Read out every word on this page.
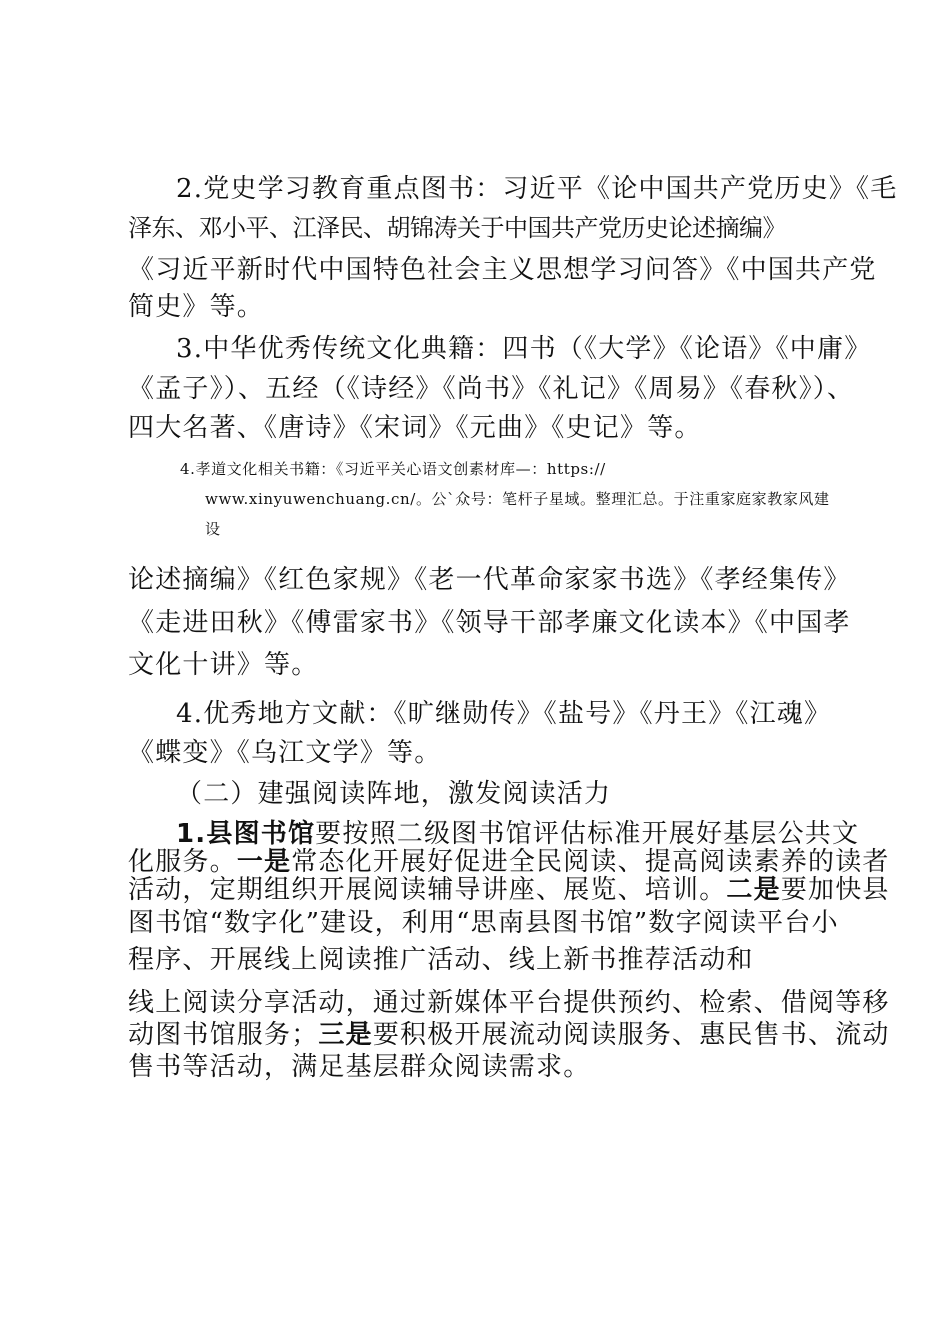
2.党史学习教育重点图书：习近平《论中国共产党历史》《毛
泽东、邓小平、江泽民、胡锦涛关于中国共产党历史论述摘编》
《习近平新时代中国特色社会主义思想学习问答》《中国共产党
简史》等。
3.中华优秀传统文化典籍：四书（《大学》《论语》《中庸》
《孟子》）、五经（《诗经》《尚书》《礼记》《周易》《春秋》）、
四大名著、《唐诗》《宋词》《元曲》《史记》等。
4.孝道文化相关书籍：《习近平关心语文创素材库—：https://
www.xinyuwenchuang.cn/。公`众号：笔杆子星域。整理汇总。于注重家庭家教家风建
设
论述摘编》《红色家规》《老一代革命家家书选》《孝经集传》
《走进田秋》《傅雷家书》《领导干部孝廉文化读本》《中国孝
文化十讲》等。
4.优秀地方文献：《旷继勋传》《盐号》《丹王》《江魂》
《蝶变》《乌江文学》等。
（二）建强阅读阵地，激发阅读活力
1.县图书馆要按照二级图书馆评估标准开展好基层公共文
化服务。一是常态化开展好促进全民阅读、提高阅读素养的读者
活动，定期组织开展阅读辅导讲座、展览、培训。二是要加快县
图书馆“数字化”建设，利用“思南县图书馆”数字阅读平台小
程序、开展线上阅读推广活动、线上新书推荐活动和
线上阅读分享活动，通过新媒体平台提供预约、检索、借阅等移
动图书馆服务；三是要积极开展流动阅读服务、惠民售书、流动
售书等活动，满足基层群众阅读需求。
